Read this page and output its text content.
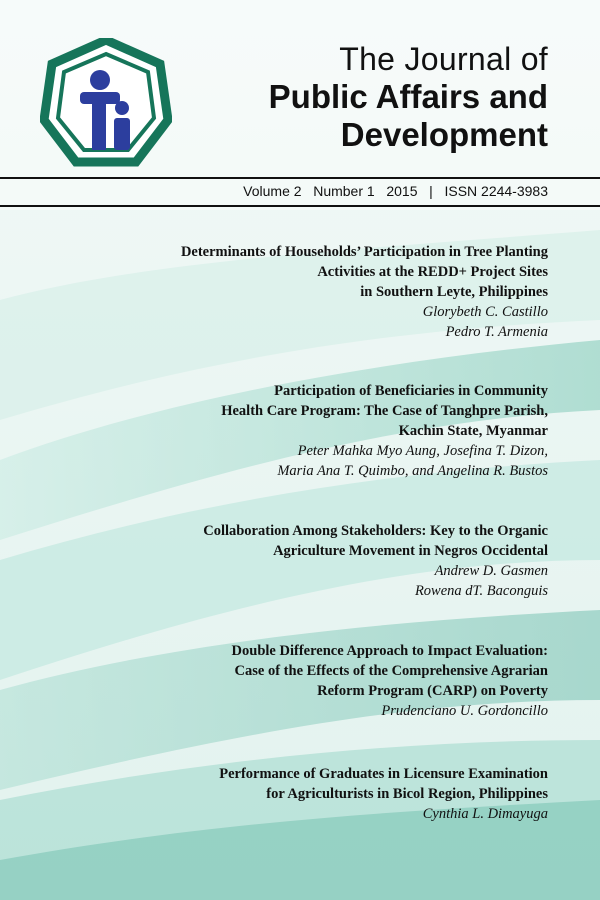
The Journal of
Public Affairs and
Development
Volume 2   Number 1   2015   |   ISSN 2244-3983
Determinants of Households’ Participation in Tree Planting
Activities at the REDD+ Project Sites
in Southern Leyte, Philippines
Glorybeth C. Castillo
Pedro T. Armenia
Participation of Beneficiaries in Community
Health Care Program: The Case of Tanghpre Parish,
Kachin State, Myanmar
Peter Mahka Myo Aung, Josefina T. Dizon,
Maria Ana T. Quimbo, and Angelina R. Bustos
Collaboration Among Stakeholders: Key to the Organic
Agriculture Movement in Negros Occidental
Andrew D. Gasmen
Rowena dT. Baconguis
Double Difference Approach to Impact Evaluation:
Case of the Effects of the Comprehensive Agrarian
Reform Program (CARP) on Poverty
Prudenciano U. Gordoncillo
Performance of Graduates in Licensure Examination
for Agriculturists in Bicol Region, Philippines
Cynthia L. Dimayuga
